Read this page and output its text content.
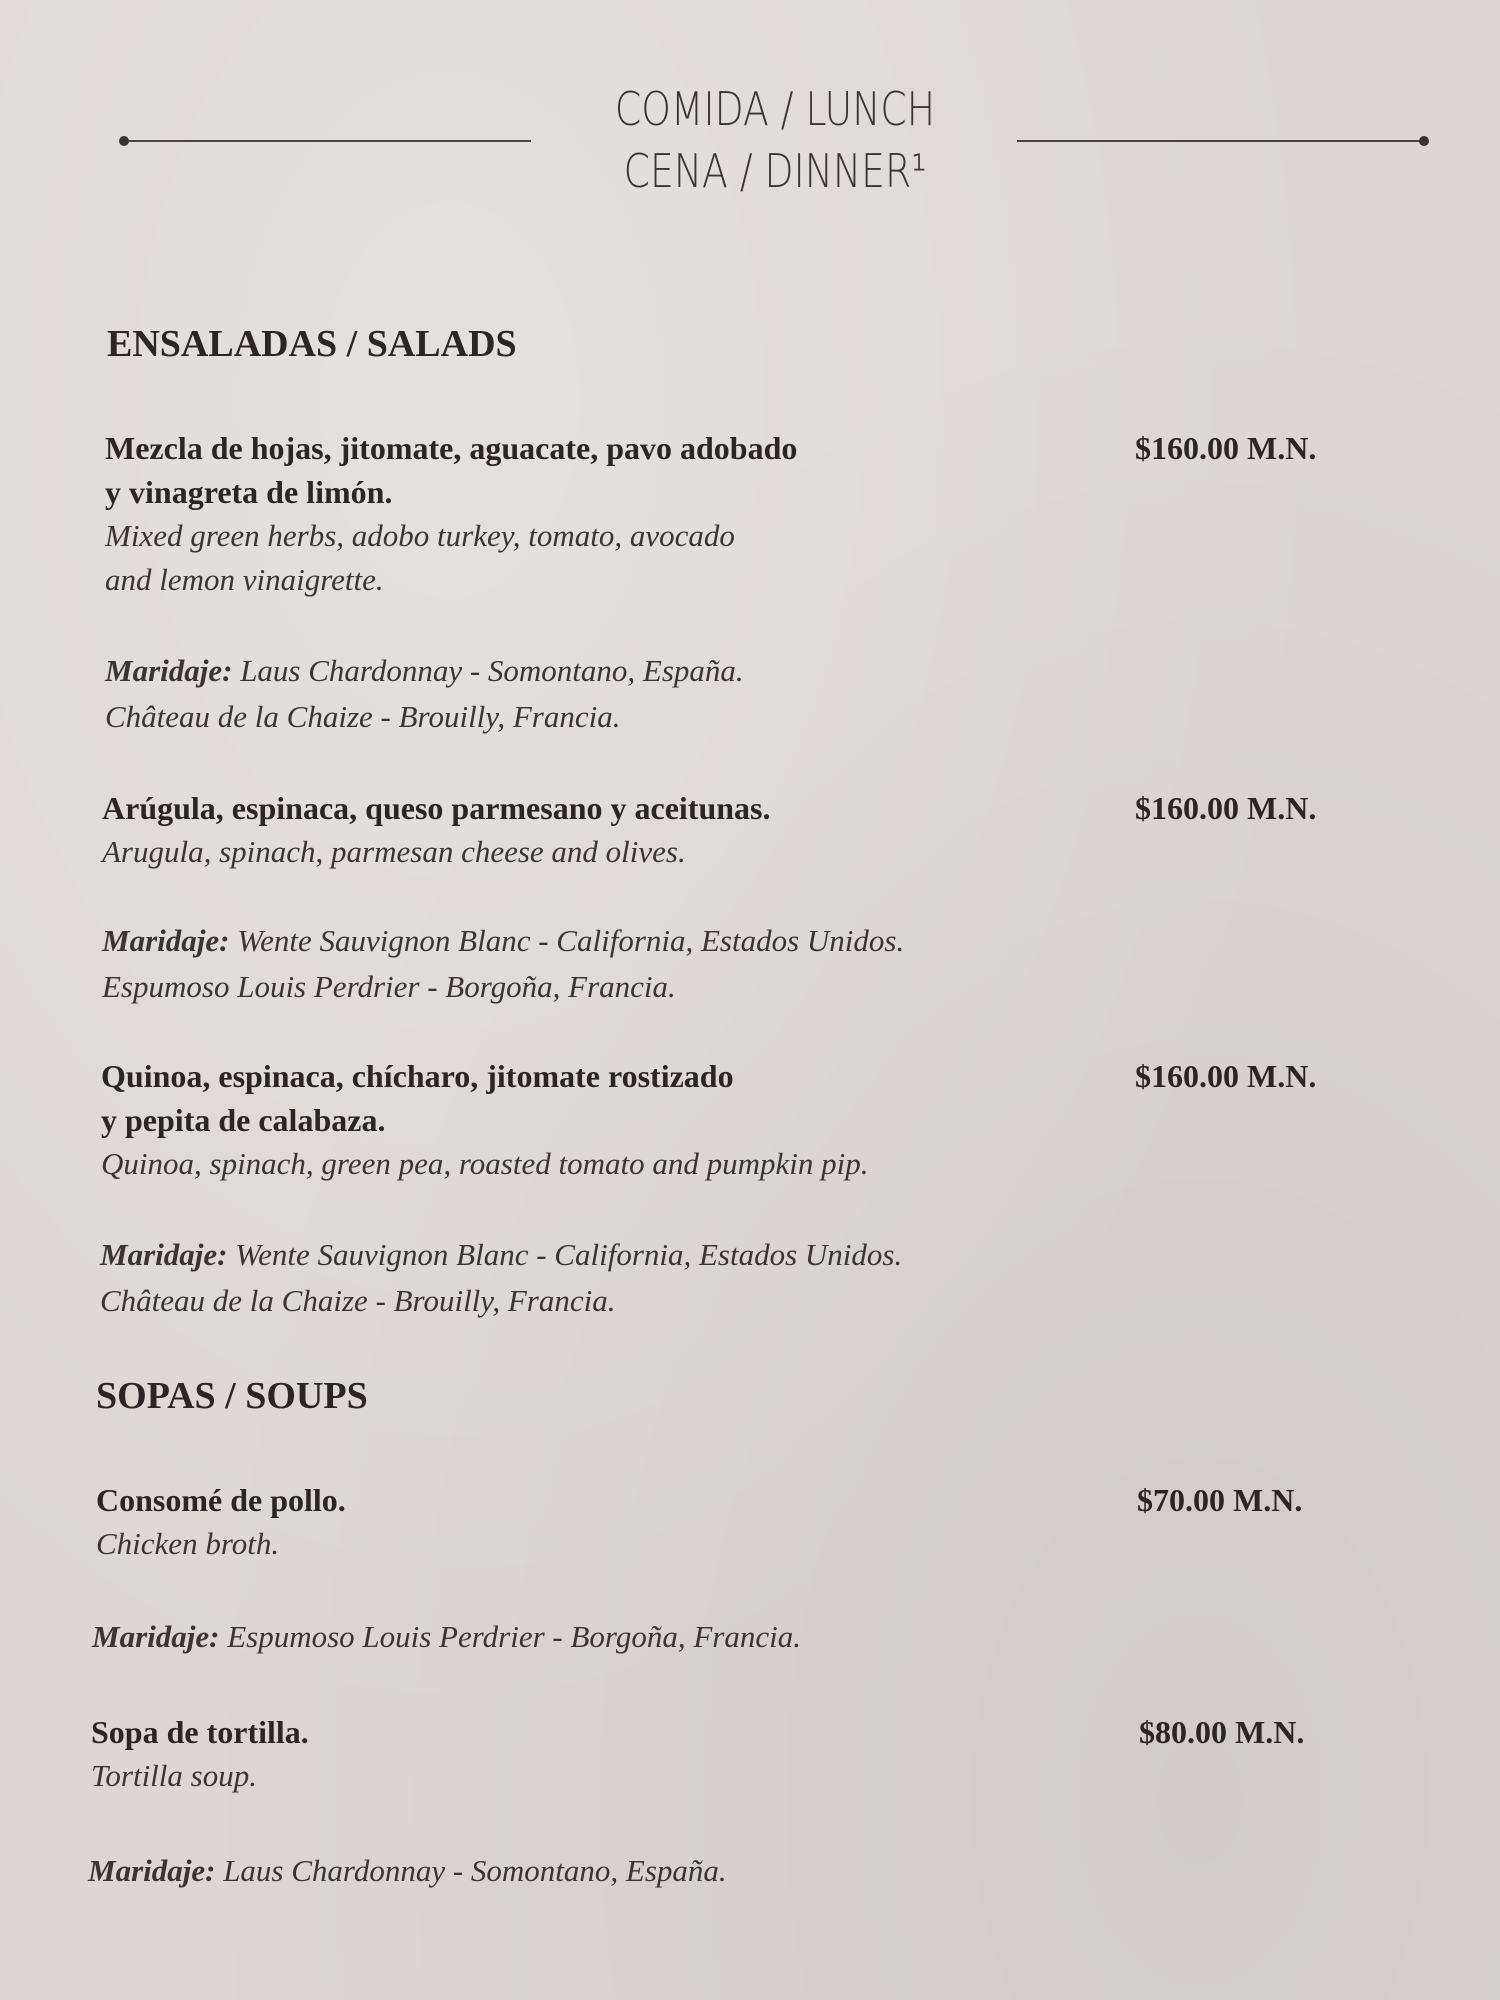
COMIDA / LUNCH
CENA / DINNER¹
ENSALADAS / SALADS
Mezcla de hojas, jitomate, aguacate, pavo adobado
y vinagreta de limón.
Mixed green herbs, adobo turkey, tomato, avocado
and lemon vinaigrette.
$160.00 M.N.
Maridaje: Laus Chardonnay - Somontano, España.
Château de la Chaize - Brouilly, Francia.
Arúgula, espinaca, queso parmesano y aceitunas.
Arugula, spinach, parmesan cheese and olives.
$160.00 M.N.
Maridaje: Wente Sauvignon Blanc - California, Estados Unidos.
Espumoso Louis Perdrier - Borgoña, Francia.
Quinoa, espinaca, chícharo, jitomate rostizado
y pepita de calabaza.
Quinoa, spinach, green pea, roasted tomato and pumpkin pip.
$160.00 M.N.
Maridaje: Wente Sauvignon Blanc - California, Estados Unidos.
Château de la Chaize - Brouilly, Francia.
SOPAS / SOUPS
Consomé de pollo.
Chicken broth.
$70.00 M.N.
Maridaje: Espumoso Louis Perdrier - Borgoña, Francia.
Sopa de tortilla.
Tortilla soup.
$80.00 M.N.
Maridaje: Laus Chardonnay - Somontano, España.
